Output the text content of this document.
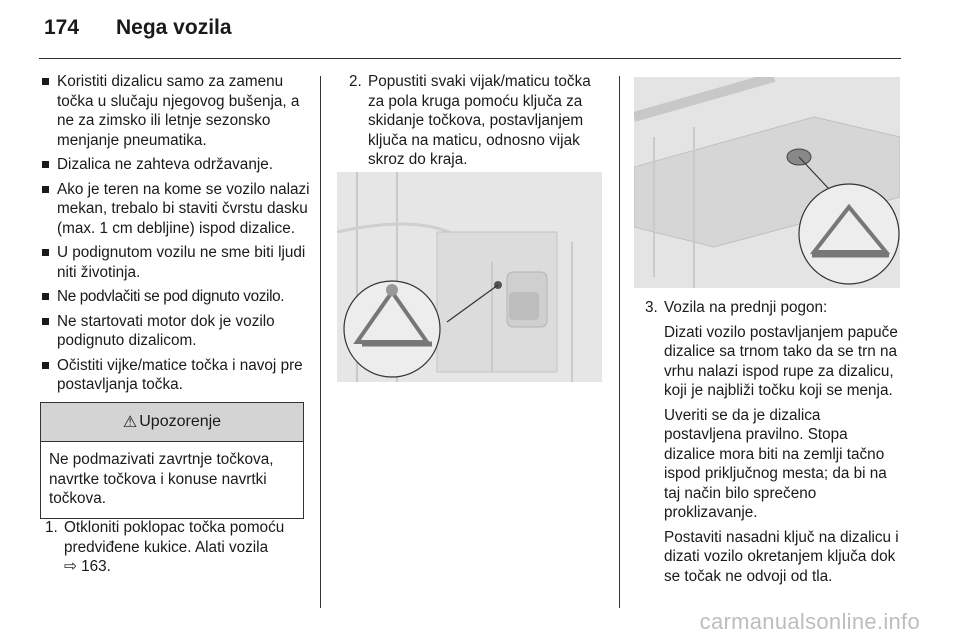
174 Nega vozila
Koristiti dizalicu samo za zamenu točka u slučaju njegovog bušenja, a ne za zimsko ili letnje sezonsko menjanje pneumatika.
Dizalica ne zahteva održavanje.
Ako je teren na kome se vozilo nalazi mekan, trebalo bi staviti čvrstu dasku (max. 1 cm debljine) ispod dizalice.
U podignutom vozilu ne sme biti ljudi niti životinja.
Ne podvlačiti se pod dignuto vozilo.
Ne startovati motor dok je vozilo podignuto dizalicom.
Očistiti vijke/matice točka i navoj pre postavljanja točka.
⚠ Upozorenje
Ne podmazivati zavrtnje točkova, navrtke točkova i konuse navrtki točkova.
1. Otkloniti poklopac točka pomoću predviđene kukice. Alati vozila
⇨ 163.

2. Popustiti svaki vijak/maticu točka za pola kruga pomoću ključa za skidanje točkova, postavljanjem ključa na maticu, odnosno vijak skroz do kraja.

3. Vozila na prednji pogon:

Dizati vozilo postavljanjem papuče dizalice sa trnom tako da se trn na vrhu nalazi ispod rupe za dizalicu, koji je najbliži točku koji se menja.

Uveriti se da je dizalica postavljena pravilno. Stopa dizalice mora biti na zemlji tačno ispod priključnog mesta; da bi na taj način bilo sprečeno proklizavanje.

Postaviti nasadni ključ na dizalicu i dizati vozilo okretanjem ključa dok se točak ne odvoji od tla.

carmanualsonline.info
